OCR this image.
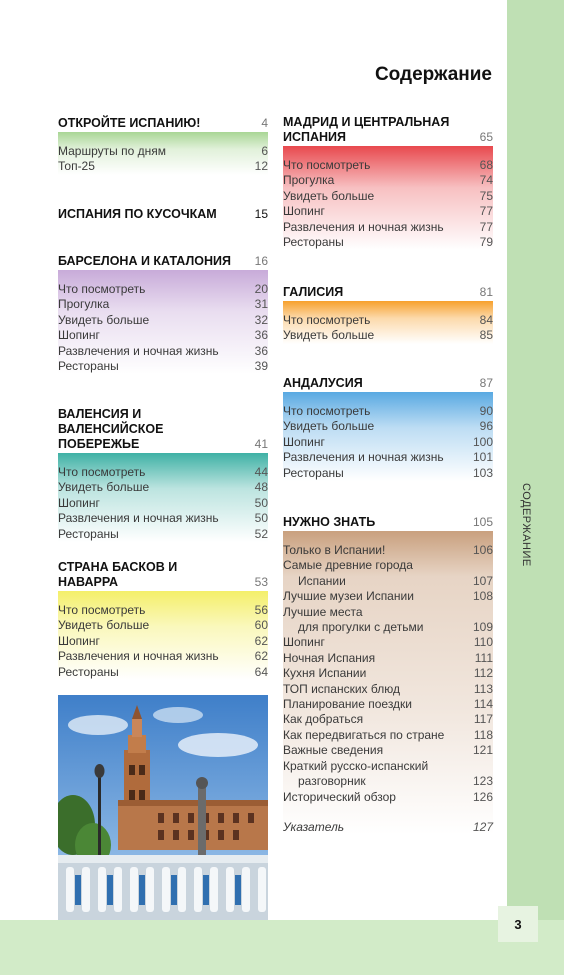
СОДЕРЖАНИЕ
3
Содержание
ОТКРОЙТЕ ИСПАНИЮ!	4
Маршруты по дням	6
Топ-25	12
ИСПАНИЯ ПО КУСОЧКАМ	15
БАРСЕЛОНА И КАТАЛОНИЯ	16
Что посмотреть	20
Прогулка	31
Увидеть больше	32
Шопинг	36
Развлечения и ночная жизнь	36
Рестораны	39
ВАЛЕНСИЯ И ВАЛЕНСИЙСКОЕ ПОБЕРЕЖЬЕ	41
Что посмотреть	44
Увидеть больше	48
Шопинг	50
Развлечения и ночная жизнь	50
Рестораны	52
СТРАНА БАСКОВ И НАВАРРА	53
Что посмотреть	56
Увидеть больше	60
Шопинг	62
Развлечения и ночная жизнь	62
Рестораны	64
МАДРИД И ЦЕНТРАЛЬНАЯ ИСПАНИЯ	65
Что посмотреть	68
Прогулка	74
Увидеть больше	75
Шопинг	77
Развлечения и ночная жизнь	77
Рестораны	79
ГАЛИСИЯ	81
Что посмотреть	84
Увидеть больше	85
АНДАЛУСИЯ	87
Что посмотреть	90
Увидеть больше	96
Шопинг	100
Развлечения и ночная жизнь 101
Рестораны	103
НУЖНО ЗНАТЬ	105
Только в Испании!	106
Самые древние города
Испании	107
Лучшие музеи Испании	108
Лучшие места
для прогулки с детьми	109
Шопинг	110
Ночная Испания	111
Кухня Испании	112
ТОП испанских блюд	113
Планирование поездки	114
Как добраться	117
Как передвигаться по стране 118
Важные сведения	121
Краткий русско-испанский
разговорник	123
Исторический обзор	126
Указатель	127
